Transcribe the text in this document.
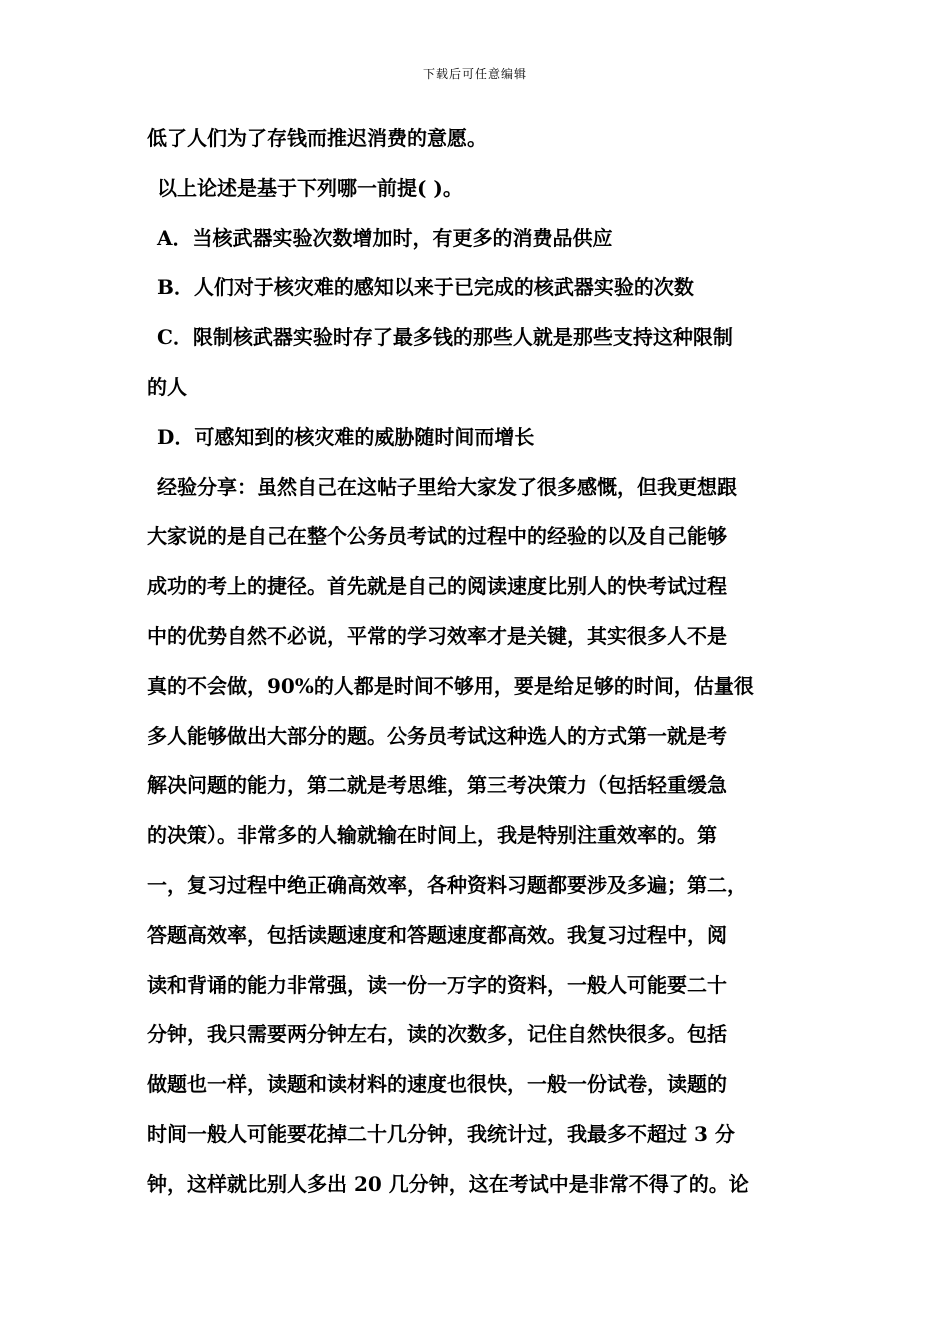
下载后可任意编辑
低了人们为了存钱而推迟消费的意愿。
以上论述是基于下列哪一前提( )。
A．当核武器实验次数增加时，有更多的消费品供应
B．人们对于核灾难的感知以来于已完成的核武器实验的次数
C．限制核武器实验时存了最多钱的那些人就是那些支持这种限制
的人
D．可感知到的核灾难的威胁随时间而增长
经验分享：虽然自己在这帖子里给大家发了很多感慨，但我更想跟
大家说的是自己在整个公务员考试的过程中的经验的以及自己能够
成功的考上的捷径。首先就是自己的阅读速度比别人的快考试过程
中的优势自然不必说，平常的学习效率才是关键，其实很多人不是
真的不会做，90%的人都是时间不够用，要是给足够的时间，估量很
多人能够做出大部分的题。公务员考试这种选人的方式第一就是考
解决问题的能力，第二就是考思维，第三考决策力（包括轻重缓急
的决策）。非常多的人输就输在时间上，我是特别注重效率的。第
一，复习过程中绝正确高效率，各种资料习题都要涉及多遍；第二，
答题高效率，包括读题速度和答题速度都高效。我复习过程中，阅
读和背诵的能力非常强，读一份一万字的资料，一般人可能要二十
分钟，我只需要两分钟左右，读的次数多，记住自然快很多。包括
做题也一样，读题和读材料的速度也很快，一般一份试卷，读题的
时间一般人可能要花掉二十几分钟，我统计过，我最多不超过 3 分
钟，这样就比别人多出 20 几分钟，这在考试中是非常不得了的。论
